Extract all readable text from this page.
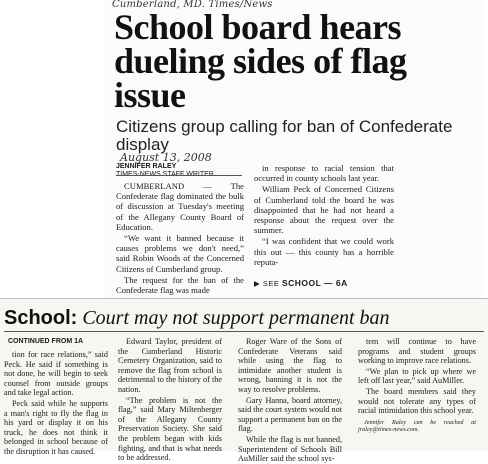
Cumberland, MD. Times/News
School board hears dueling sides of flag issue
Citizens group calling for ban of Confederate display
August 13, 2008
JENNIFER RALEY
TIMES-NEWS STAFF WRITER

CUMBERLAND — The Confederate flag dominated the bulk of discussion at Tuesday's meeting of the Allegany County Board of Education.

“We want it banned because it causes problems we don't need,” said Robin Woods of the Concerned Citizens of Cumberland group.

The request for the ban of the Confederate flag was made

in response to racial tension that occurred in county schools last year.

William Peck of Concerned Citizens of Cumberland told the board he was disappointed that he had not heard a response about the request over the summer.

“I was confident that we could work this out — this county has a horrible reputa-

▶ SEE SCHOOL — 6A
School: Court may not support permanent ban
CONTINUED FROM 1A

tion for race relations,” said Peck. He said if something is not done, he will begin to seek counsel from outside groups and take legal action.

Peck said while he supports a man's right to fly the flag in his yard or display it on his truck, he does not think it belonged in school because of the disruption it has caused.

Edward Taylor, president of the Cumberland Historic Cemetery Organization, said to remove the flag from school is detrimental to the history of the nation.

“The problem is not the flag,” said Mary Miltenberger of the Allegany County Preservation Society. She said the problem began with kids fighting, and that is what needs to be addressed.

Roger Ware of the Sons of Confederate Veterans said while using the flag to intimidate another student is wrong, banning it is not the way to resolve problems.

Gary Hanna, board attorney, said the court system would not support a permanent ban on the flag.

While the flag is not banned, Superintendent of Schools Bill AuMiller said the school sys-

tem will continue to have programs and student groups working to improve race relations.

“We plan to pick up where we left off last year,” said AuMiller.

The board members said they would not tolerate any types of racial intimidation this school year.

Jennifer Raley can be reached at jraley@times-news.com.
